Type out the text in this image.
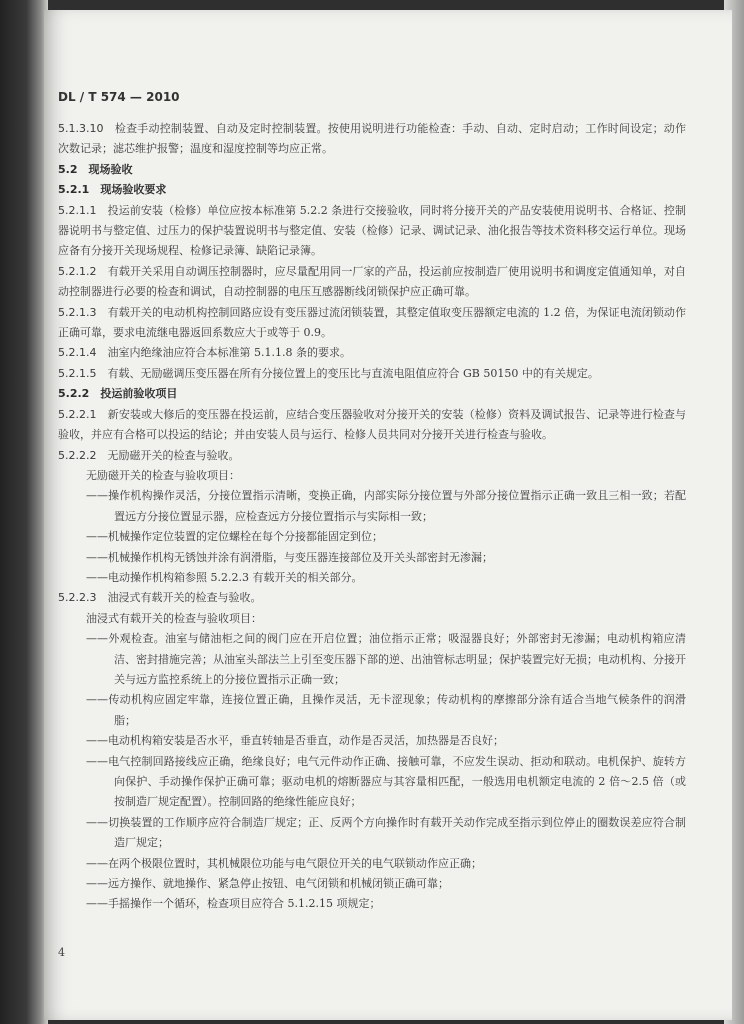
DL / T 574 — 2010

5.1.3.10　 检查手动控制装置、自动及定时控制装置。按使用说明进行功能检查：手动、自动、定时启动；工作时间设定；动作次数记录；滤芯维护报警；温度和湿度控制等均应正常。

5.2　 现场验收

5.2.1　 现场验收要求

5.2.1.1　 投运前安装（检修）单位应按本标准第 5.2.2 条进行交接验收，同时将分接开关的产品安装使用说明书、合格证、控制器说明书与整定值、过压力的保护装置说明书与整定值、安装（检修）记录、调试记录、油化报告等技术资料移交运行单位。现场应备有分接开关现场规程、检修记录簿、缺陷记录簿。

5.2.1.2　 有载开关采用自动调压控制器时，应尽量配用同一厂家的产品，投运前应按制造厂使用说明书和调度定值通知单，对自动控制器进行必要的检查和调试，自动控制器的电压互感器断线闭锁保护应正确可靠。

5.2.1.3　 有载开关的电动机构控制回路应设有变压器过流闭锁装置，其整定值取变压器额定电流的 1.2 倍，为保证电流闭锁动作正确可靠，要求电流继电器返回系数应大于或等于 0.9。

5.2.1.4　 油室内绝缘油应符合本标准第 5.1.1.8 条的要求。

5.2.1.5　 有载、无励磁调压变压器在所有分接位置上的变压比与直流电阻值应符合 GB 50150 中的有关规定。

5.2.2　 投运前验收项目

5.2.2.1　 新安装或大修后的变压器在投运前，应结合变压器验收对分接开关的安装（检修）资料及调试报告、记录等进行检查与验收，并应有合格可以投运的结论；并由安装人员与运行、检修人员共同对分接开关进行检查与验收。

5.2.2.2　 无励磁开关的检查与验收。

无励磁开关的检查与验收项目：

——操作机构操作灵活，分接位置指示清晰，变换正确，内部实际分接位置与外部分接位置指示正确一致且三相一致；若配置远方分接位置显示器，应检查远方分接位置指示与实际相一致；

——机械操作定位装置的定位螺栓在每个分接都能固定到位；

——机械操作机构无锈蚀并涂有润滑脂，与变压器连接部位及开关头部密封无渗漏；

——电动操作机构箱参照 5.2.2.3 有载开关的相关部分。

5.2.2.3　 油浸式有载开关的检查与验收。

油浸式有载开关的检查与验收项目：

——外观检查。油室与储油柜之间的阀门应在开启位置；油位指示正常；吸湿器良好；外部密封无渗漏；电动机构箱应清洁、密封措施完善；从油室头部法兰上引至变压器下部的逆、出油管标志明显；保护装置完好无损；电动机构、分接开关与远方监控系统上的分接位置指示正确一致；

——传动机构应固定牢靠，连接位置正确，且操作灵活，无卡涩现象；传动机构的摩擦部分涂有适合当地气候条件的润滑脂；

——电动机构箱安装是否水平，垂直转轴是否垂直，动作是否灵活，加热器是否良好；

——电气控制回路接线应正确，绝缘良好；电气元件动作正确、接触可靠，不应发生误动、拒动和联动。电机保护、旋转方向保护、手动操作保护正确可靠；驱动电机的熔断器应与其容量相匹配，一般选用电机额定电流的 2 倍～2.5 倍（或按制造厂规定配置）。控制回路的绝缘性能应良好；

——切换装置的工作顺序应符合制造厂规定；正、反两个方向操作时有载开关动作完成至指示到位停止的圈数误差应符合制造厂规定；

——在两个极限位置时，其机械限位功能与电气限位开关的电气联锁动作应正确；

——远方操作、就地操作、紧急停止按钮、电气闭锁和机械闭锁正确可靠；

——手摇操作一个循环，检查项目应符合 5.1.2.15 项规定；

4
